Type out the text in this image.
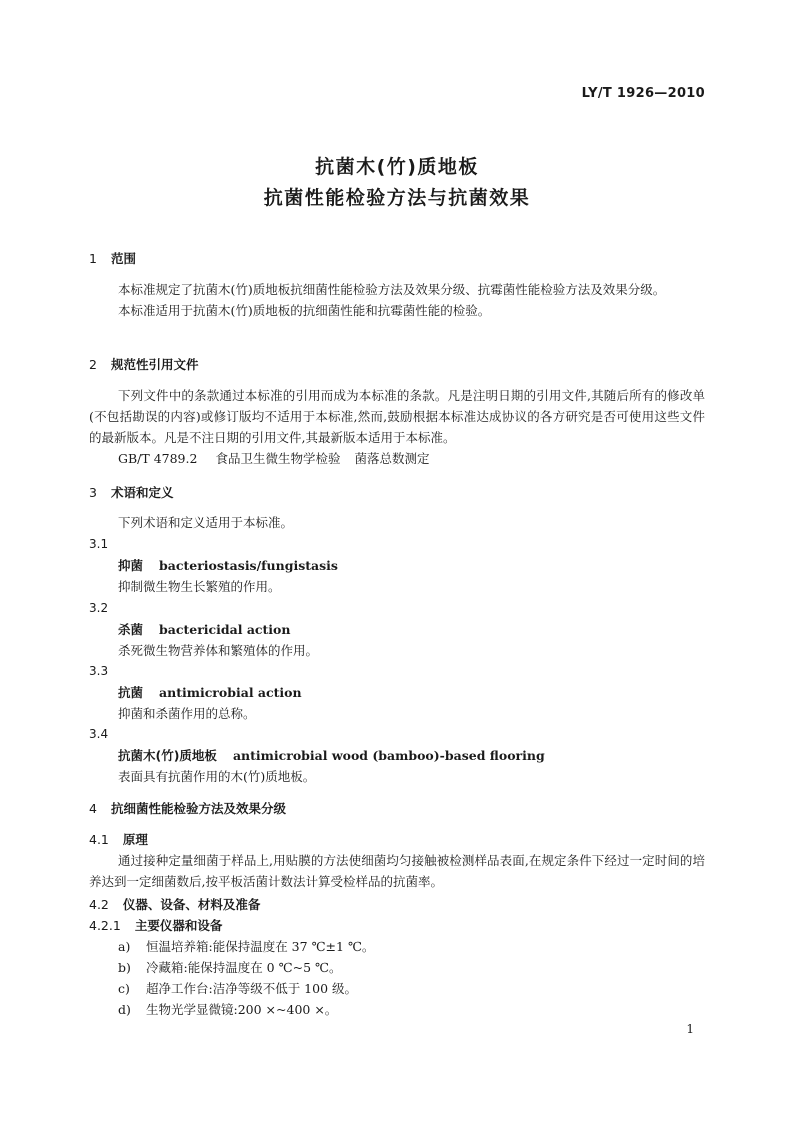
LY/T 1926—2010
抗菌木(竹)质地板
抗菌性能检验方法与抗菌效果
1 范围
本标准规定了抗菌木(竹)质地板抗细菌性能检验方法及效果分级、抗霉菌性能检验方法及效果分级。
本标准适用于抗菌木(竹)质地板的抗细菌性能和抗霉菌性能的检验。
2 规范性引用文件
下列文件中的条款通过本标准的引用而成为本标准的条款。凡是注明日期的引用文件,其随后所有的修改单(不包括勘误的内容)或修订版均不适用于本标准,然而,鼓励根据本标准达成协议的各方研究是否可使用这些文件的最新版本。凡是不注日期的引用文件,其最新版本适用于本标准。
GB/T 4789.2 食品卫生微生物学检验 菌落总数测定
3 术语和定义
下列术语和定义适用于本标准。
3.1
抑菌 bacteriostasis/fungistasis
抑制微生物生长繁殖的作用。
3.2
杀菌 bactericidal action
杀死微生物营养体和繁殖体的作用。
3.3
抗菌 antimicrobial action
抑菌和杀菌作用的总称。
3.4
抗菌木(竹)质地板 antimicrobial wood (bamboo)-based flooring
表面具有抗菌作用的木(竹)质地板。
4 抗细菌性能检验方法及效果分级
4.1 原理
通过接种定量细菌于样品上,用贴膜的方法使细菌均匀接触被检测样品表面,在规定条件下经过一定时间的培养达到一定细菌数后,按平板活菌计数法计算受检样品的抗菌率。
4.2 仪器、设备、材料及准备
4.2.1 主要仪器和设备
a) 恒温培养箱:能保持温度在 37 ℃±1 ℃。
b) 冷藏箱:能保持温度在 0 ℃~5 ℃。
c) 超净工作台:洁净等级不低于 100 级。
d) 生物光学显微镜:200 ×~400 ×。
1
